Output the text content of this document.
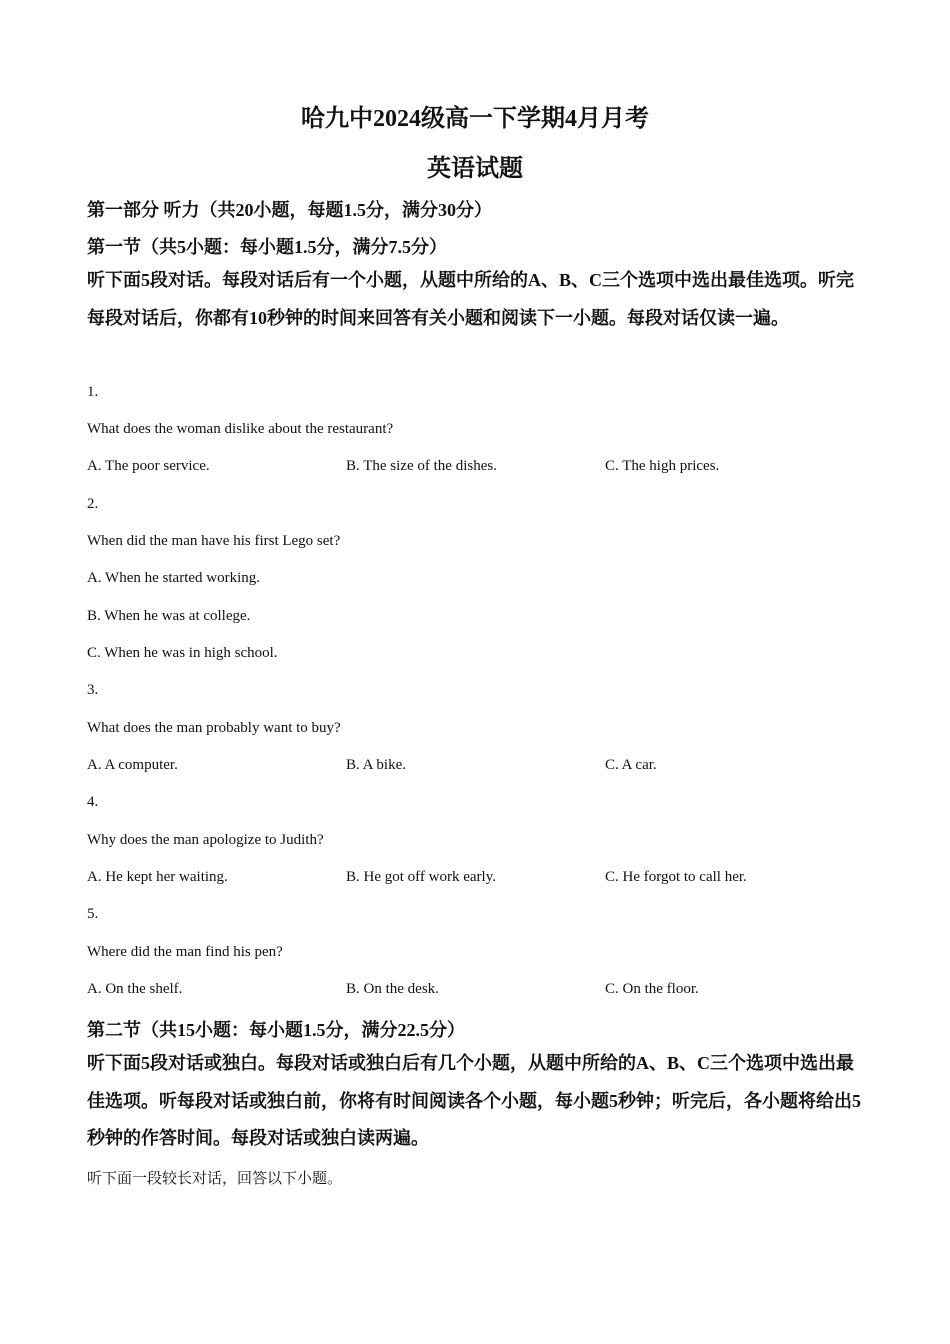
哈九中2024级高一下学期4月月考
英语试题
第一部分 听力（共20小题，每题1.5分，满分30分）
第一节（共5小题：每小题1.5分，满分7.5分）
听下面5段对话。每段对话后有一个小题，从题中所给的A、B、C三个选项中选出最佳选项。听完每段对话后，你都有10秒钟的时间来回答有关小题和阅读下一小题。每段对话仅读一遍。
1.
What does the woman dislike about the restaurant?
A. The poor service.	B. The size of the dishes.	C. The high prices.
2.
When did the man have his first Lego set?
A. When he started working.
B. When he was at college.
C. When he was in high school.
3.
What does the man probably want to buy?
A. A computer.	B. A bike.	C. A car.
4.
Why does the man apologize to Judith?
A. He kept her waiting.	B. He got off work early.	C. He forgot to call her.
5.
Where did the man find his pen?
A. On the shelf.	B. On the desk.	C. On the floor.
第二节（共15小题：每小题1.5分，满分22.5分）
听下面5段对话或独白。每段对话或独白后有几个小题，从题中所给的A、B、C三个选项中选出最佳选项。听每段对话或独白前，你将有时间阅读各个小题，每小题5秒钟；听完后，各小题将给出5秒钟的作答时间。每段对话或独白读两遍。
听下面一段较长对话，回答以下小题。
